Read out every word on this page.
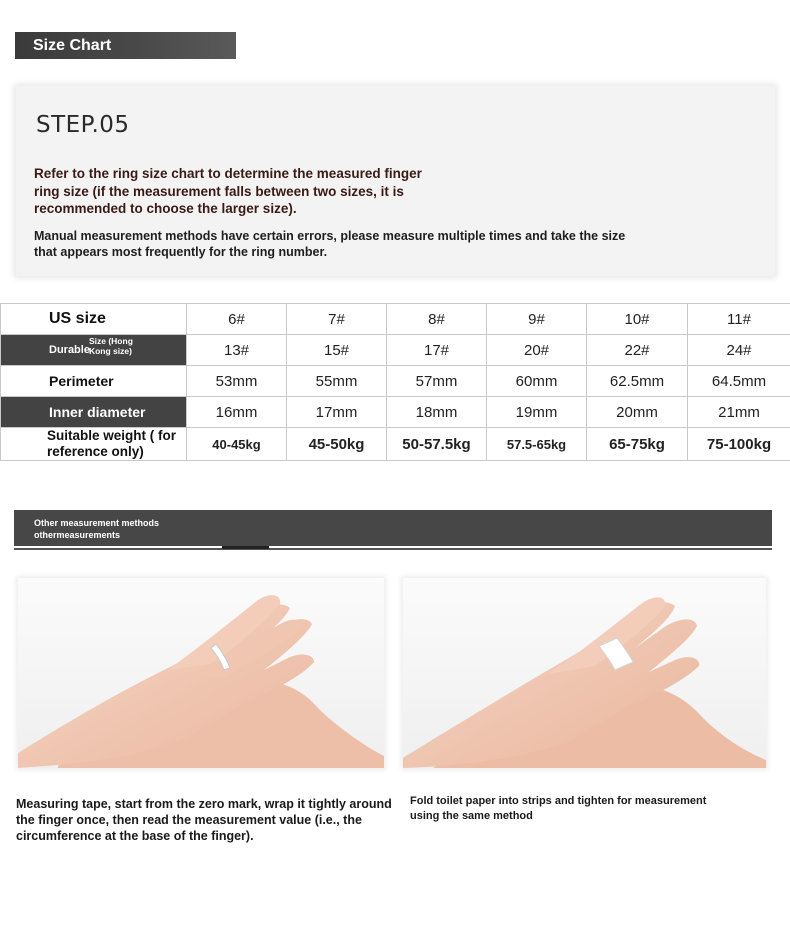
Size Chart
STEP.05
Refer to the ring size chart to determine the measured finger ring size (if the measurement falls between two sizes, it is recommended to choose the larger size).
Manual measurement methods have certain errors, please measure multiple times and take the size that appears most frequently for the ring number.
US size	6#	7#	8#	9#	10#	11#
DurableSize (Hong Kong size)	13#	15#	17#	20#	22#	24#
Perimeter	53mm	55mm	57mm	60mm	62.5mm	64.5mm
Inner diameter	16mm	17mm	18mm	19mm	20mm	21mm
Suitable weight ( for reference only)	40-45kg	45-50kg	50-57.5kg	57.5-65kg	65-75kg	75-100kg
Other measurement methods
othermeasurements
Measuring tape, start from the zero mark, wrap it tightly around the finger once, then read the measurement value (i.e., the circumference at the base of the finger).
Fold toilet paper into strips and tighten for measurement using the same method
